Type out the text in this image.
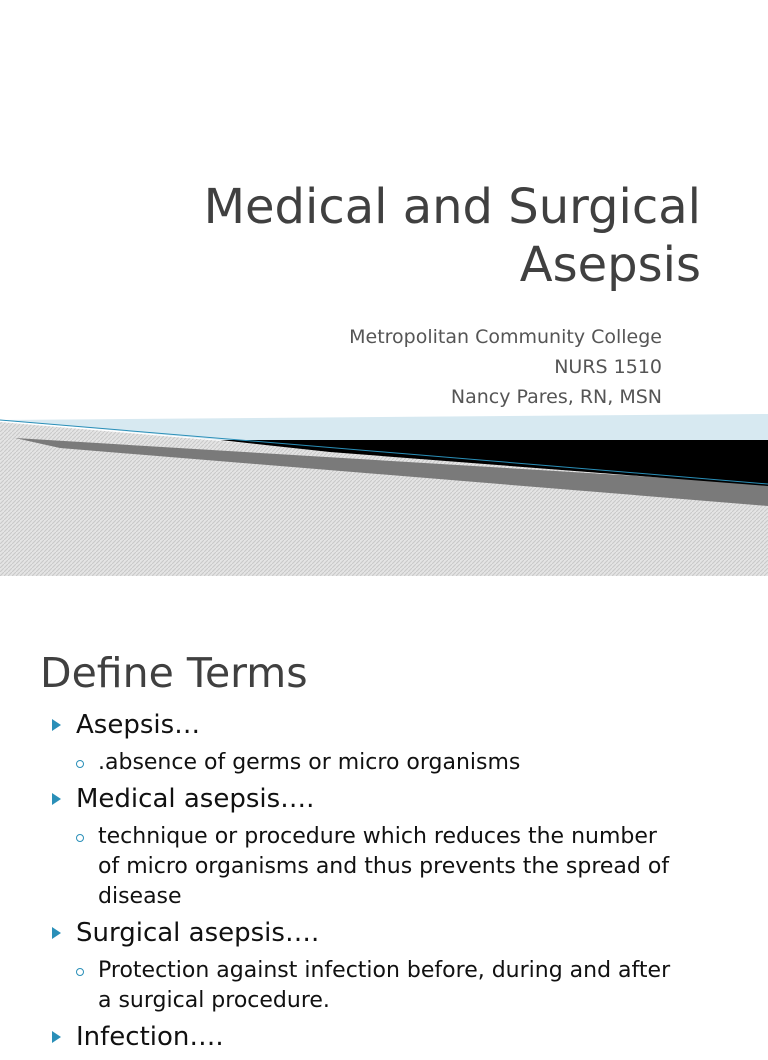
Medical and Surgical
Asepsis
Metropolitan Community College
NURS 1510
Nancy Pares, RN, MSN
Define Terms
Asepsis…
.absence of germs or micro organisms
Medical asepsis….
technique or procedure which reduces the number
of micro organisms and thus prevents the spread of
disease
Surgical asepsis….
Protection against infection before, during and after
a surgical procedure.
Infection….
